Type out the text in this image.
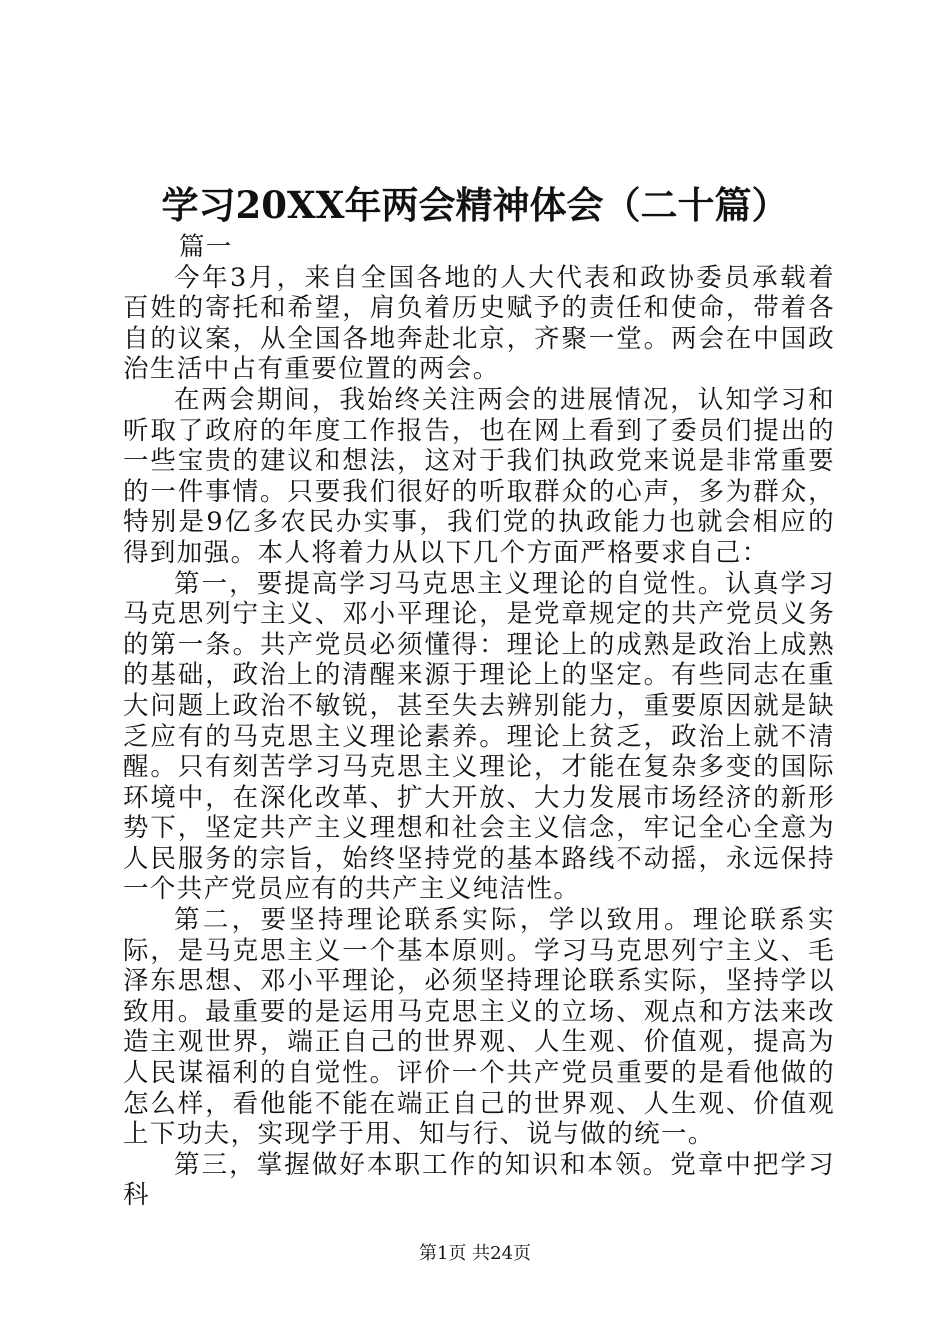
学习20XX年两会精神体会（二十篇）

篇一

今年3月，来自全国各地的人大代表和政协委员承载着百姓的寄托和希望，肩负着历史赋予的责任和使命，带着各自的议案，从全国各地奔赴北京，齐聚一堂。两会在中国政治生活中占有重要位置的两会。

在两会期间，我始终关注两会的进展情况，认知学习和听取了政府的年度工作报告，也在网上看到了委员们提出的一些宝贵的建议和想法，这对于我们执政党来说是非常重要的一件事情。只要我们很好的听取群众的心声，多为群众，特别是9亿多农民办实事，我们党的执政能力也就会相应的得到加强。本人将着力从以下几个方面严格要求自己：

第一，要提高学习马克思主义理论的自觉性。认真学习马克思列宁主义、邓小平理论，是党章规定的共产党员义务的第一条。共产党员必须懂得：理论上的成熟是政治上成熟的基础，政治上的清醒来源于理论上的坚定。有些同志在重大问题上政治不敏锐，甚至失去辨别能力，重要原因就是缺乏应有的马克思主义理论素养。理论上贫乏，政治上就不清醒。只有刻苦学习马克思主义理论，才能在复杂多变的国际环境中，在深化改革、扩大开放、大力发展市场经济的新形势下，坚定共产主义理想和社会主义信念，牢记全心全意为人民服务的宗旨，始终坚持党的基本路线不动摇，永远保持一个共产党员应有的共产主义纯洁性。

第二，要坚持理论联系实际，学以致用。理论联系实际，是马克思主义一个基本原则。学习马克思列宁主义、毛泽东思想、邓小平理论，必须坚持理论联系实际，坚持学以致用。最重要的是运用马克思主义的立场、观点和方法来改造主观世界，端正自己的世界观、人生观、价值观，提高为人民谋福利的自觉性。评价一个共产党员重要的是看他做的怎么样，看他能不能在端正自己的世界观、人生观、价值观上下功夫，实现学于用、知与行、说与做的统一。

第三，掌握做好本职工作的知识和本领。党章中把学习科

第1页 共24页
